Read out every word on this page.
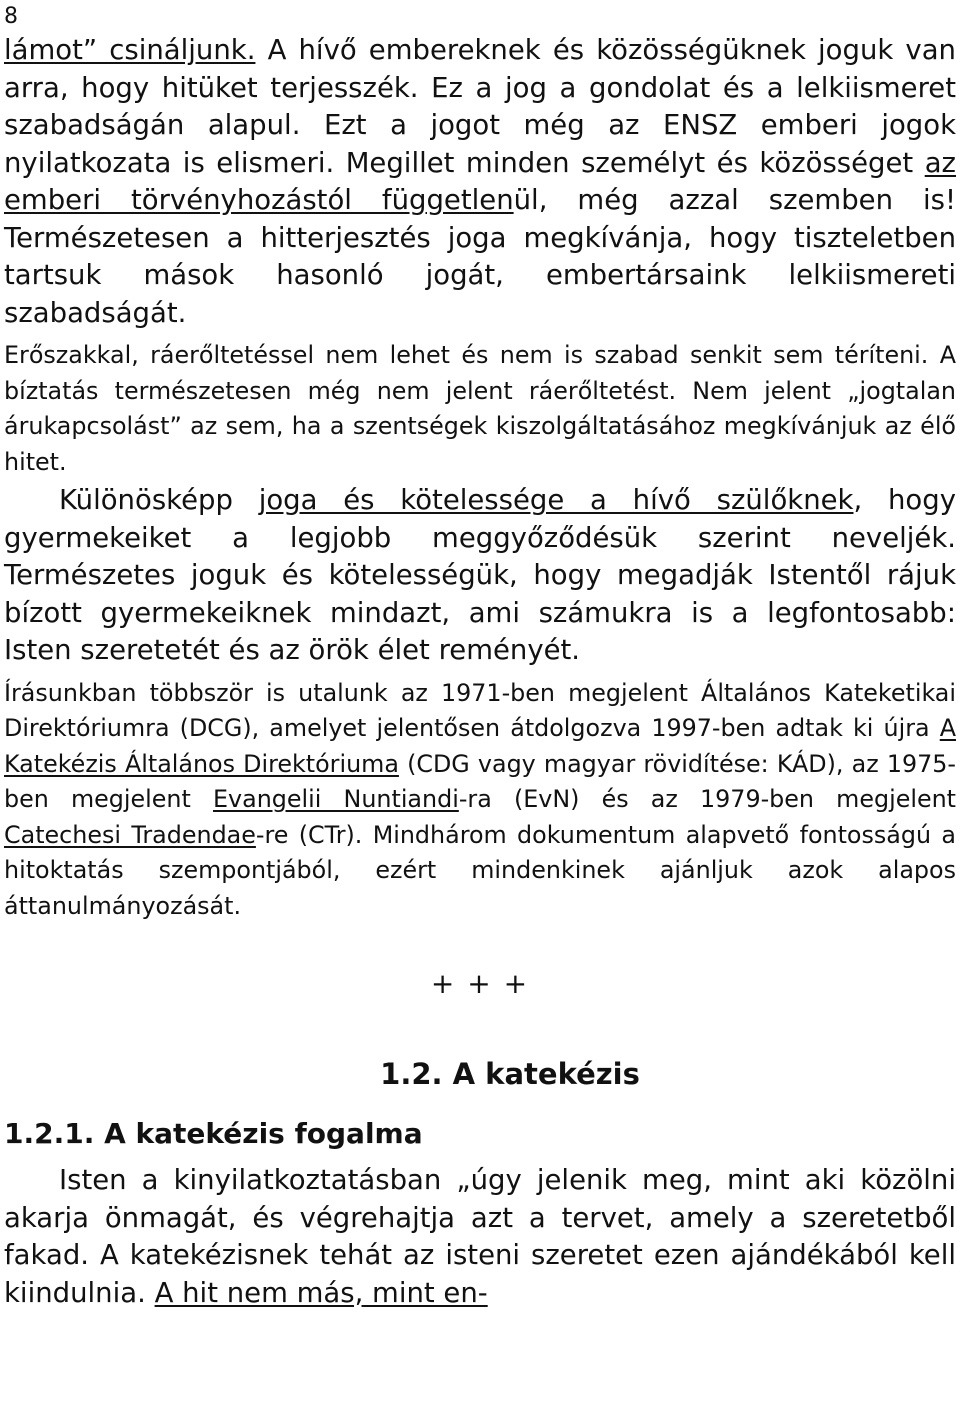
8

lámot” csináljunk. A hívő embereknek és közösségüknek joguk van arra, hogy hitüket terjesszék. Ez a jog a gondolat és a lelkiismeret szabadságán alapul. Ezt a jogot még az ENSZ emberi jogok nyilatkozata is elismeri. Megillet minden személyt és közösséget az emberi törvényhozástól függetlenül, még azzal szemben is! Természetesen a hitterjesztés joga megkívánja, hogy tiszteletben tartsuk mások hasonló jogát, embertársaink lelkiismereti szabadságát.

Erőszakkal, ráerőltetéssel nem lehet és nem is szabad senkit sem téríteni. A bíztatás természetesen még nem jelent ráerőltetést. Nem jelent „jogtalan árukapcsolást” az sem, ha a szentségek kiszolgáltatásához megkívánjuk az élő hitet.

Különösképp joga és kötelessége a hívő szülőknek, hogy gyermekeiket a legjobb meggyőződésük szerint neveljék. Természetes joguk és kötelességük, hogy megadják Istentől rájuk bízott gyermekeiknek mindazt, ami számukra is a legfontosabb: Isten szeretetét és az örök élet reményét.

Írásunkban többször is utalunk az 1971-ben megjelent Általános Kateketikai Direktóriumra (DCG), amelyet jelentősen átdolgozva 1997-ben adtak ki újra A Katekézis Általános Direktóriuma (CDG vagy magyar rövidítése: KÁD), az 1975-ben megjelent Evangelii Nuntiandi-ra (EvN) és az 1979-ben megjelent Catechesi Tradendae-re (CTr). Mindhárom dokumentum alapvető fontosságú a hitoktatás szempontjából, ezért mindenkinek ajánljuk azok alapos áttanulmányozását.

+ + +
1.2. A katekézis
1.2.1. A katekézis fogalma

Isten a kinyilatkoztatásban „úgy jelenik meg, mint aki közölni akarja önmagát, és végrehajtja azt a tervet, amely a szeretetből fakad. A katekézisnek tehát az isteni szeretet ezen ajándékából kell kiindulnia. A hit nem más, mint en-
